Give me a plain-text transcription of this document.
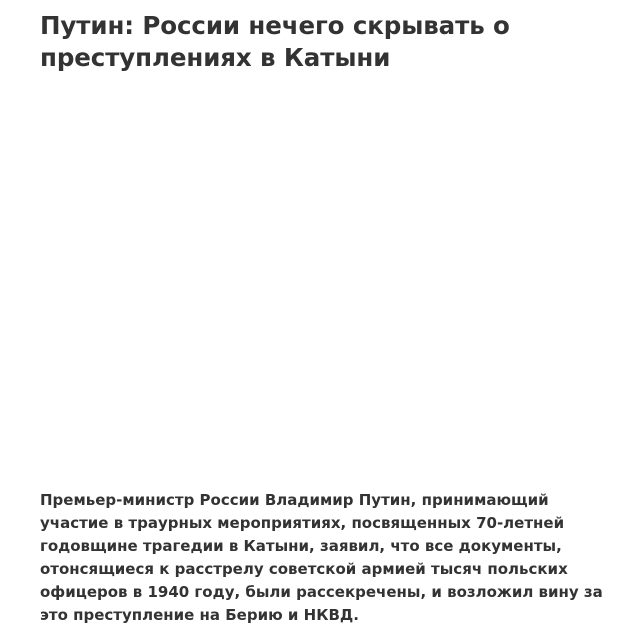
Путин: России нечего скрывать о преступлениях в Катыни

Премьер-министр России Владимир Путин, принимающий участие в траурных мероприятиях, посвященных 70-летней годовщине трагедии в Катыни, заявил, что все документы, отонсящиеся к расстрелу советской армией тысяч польских офицеров в 1940 году, были рассекречены, и возложил вину за это преступление на Берию и НКВД.
